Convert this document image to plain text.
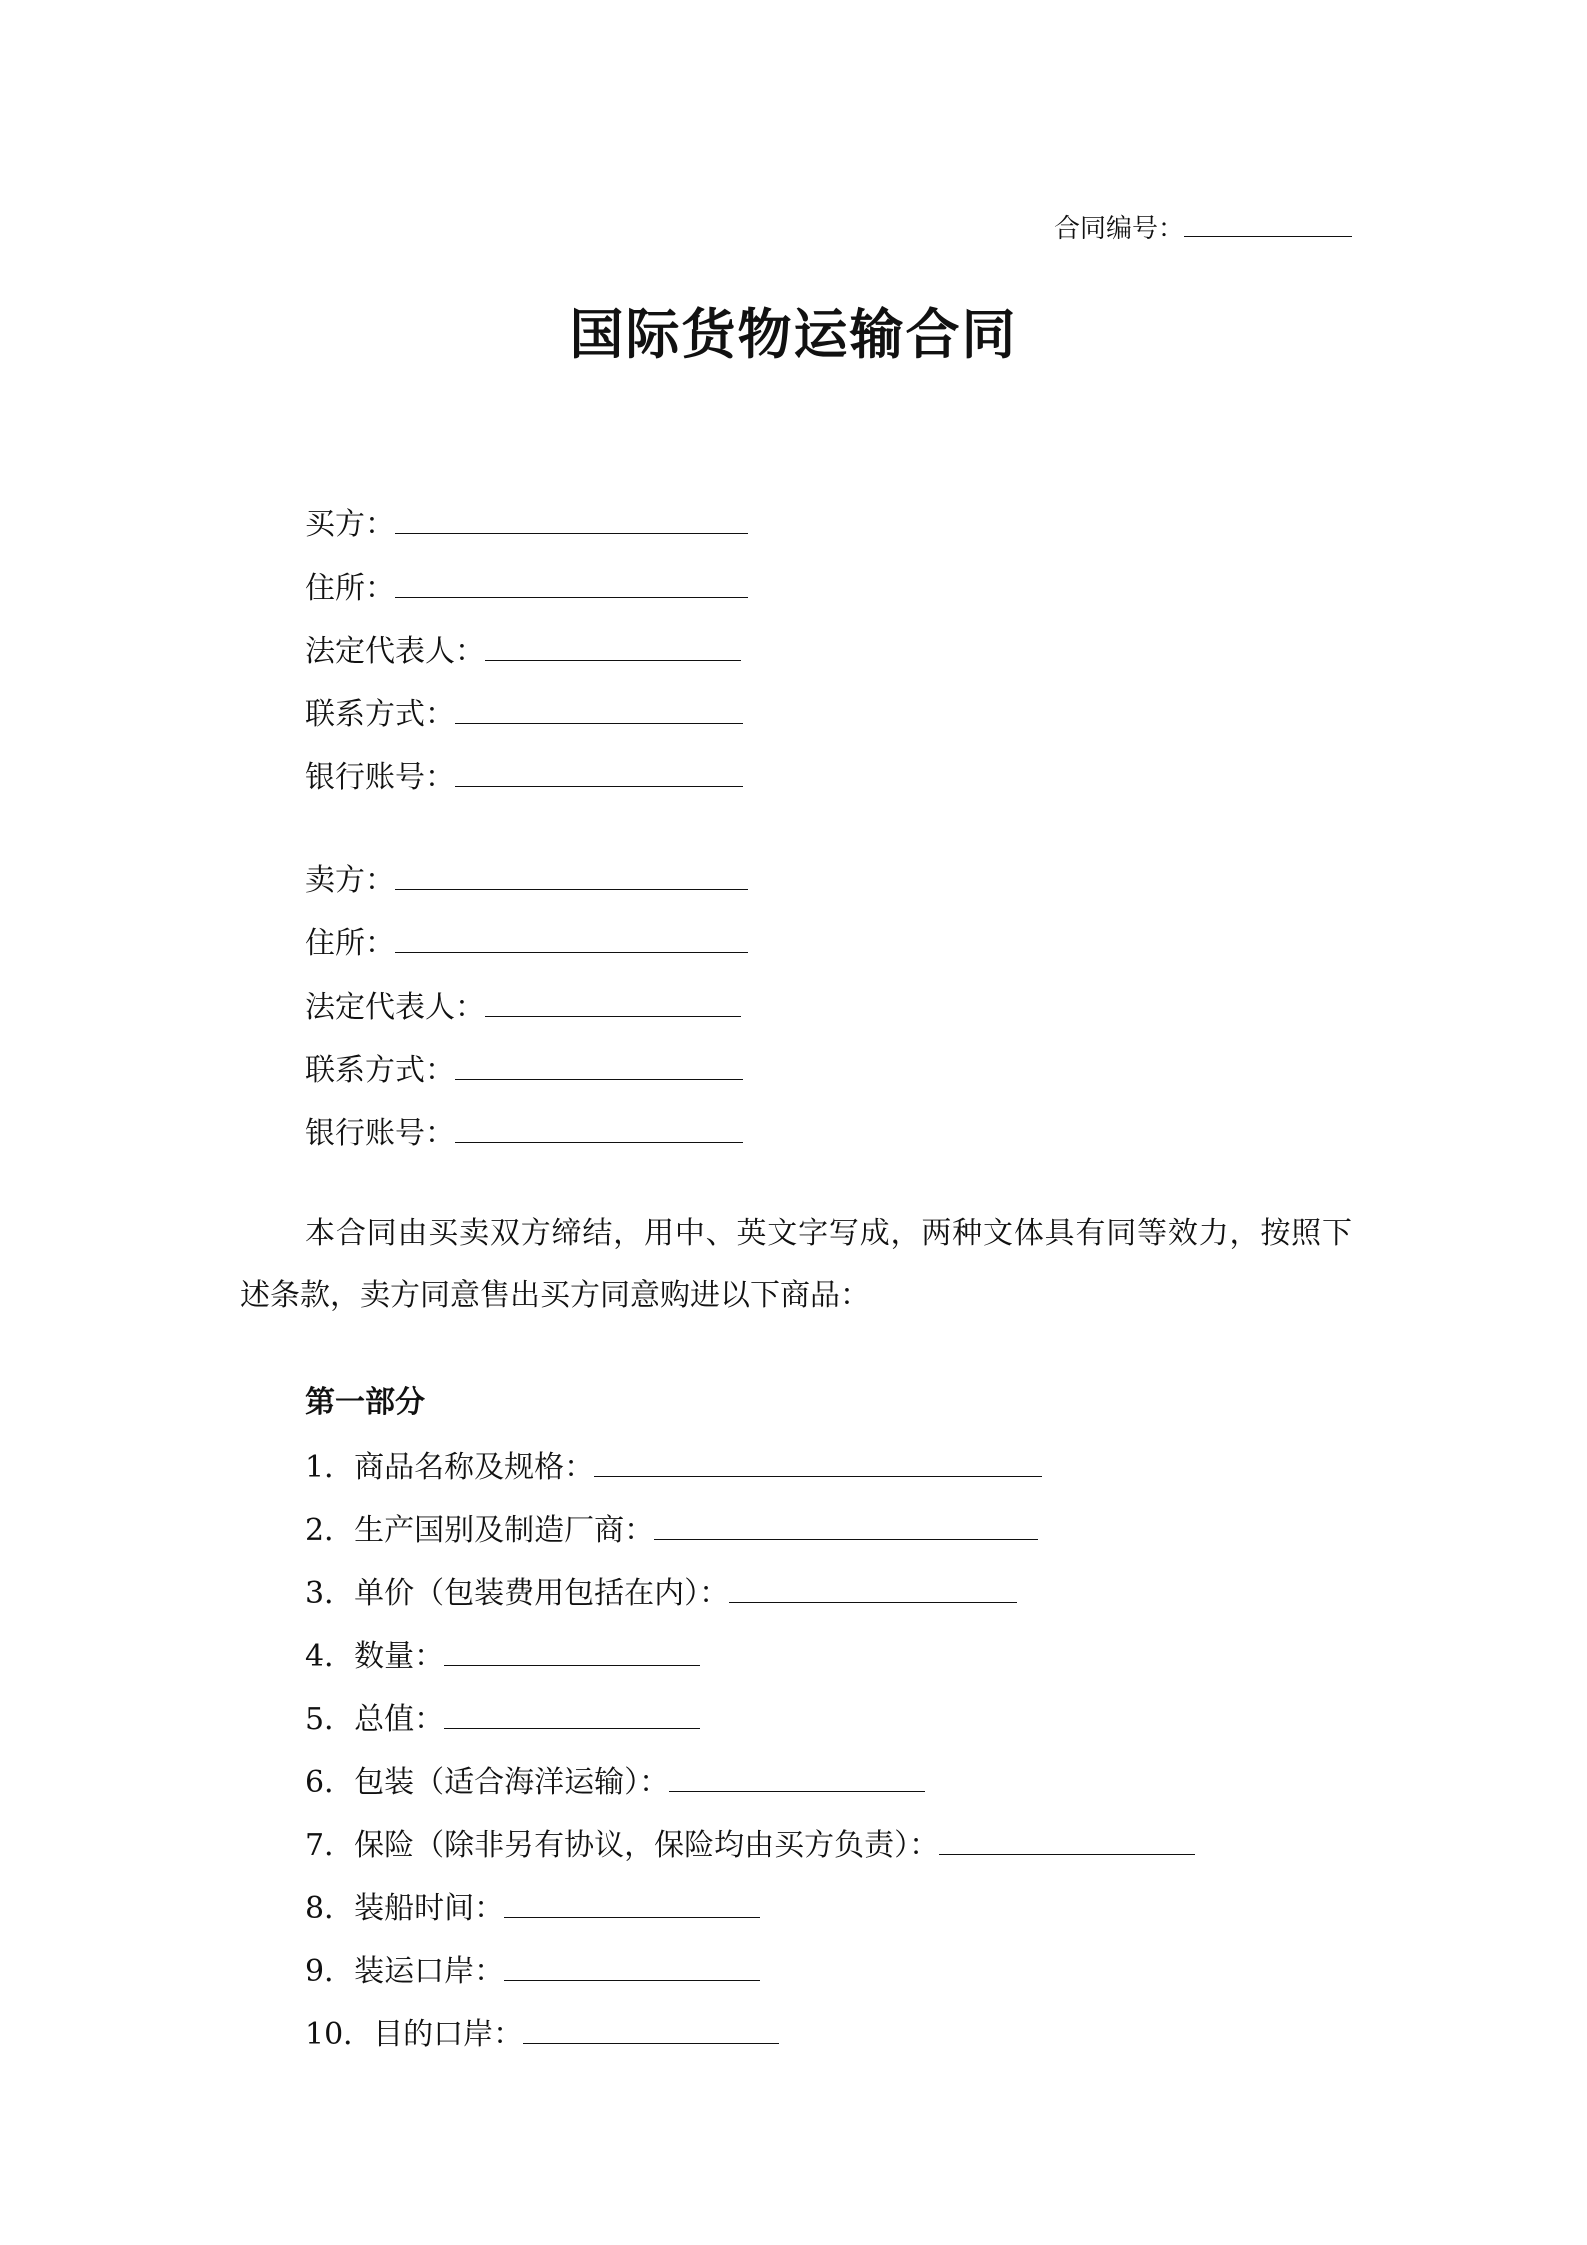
合同编号：
国际货物运输合同
买方：
住所：
法定代表人：
联系方式：
银行账号：
卖方：
住所：
法定代表人：
联系方式：
银行账号：
本合同由买卖双方缔结，用中、英文字写成，两种文体具有同等效力，按照下述条款，卖方同意售出买方同意购进以下商品：
第一部分
1．商品名称及规格：
2．生产国别及制造厂商：
3．单价（包装费用包括在内）：
4．数量：
5．总值：
6．包装（适合海洋运输）：
7．保险（除非另有协议，保险均由买方负责）：
8．装船时间：
9．装运口岸：
10．目的口岸：
